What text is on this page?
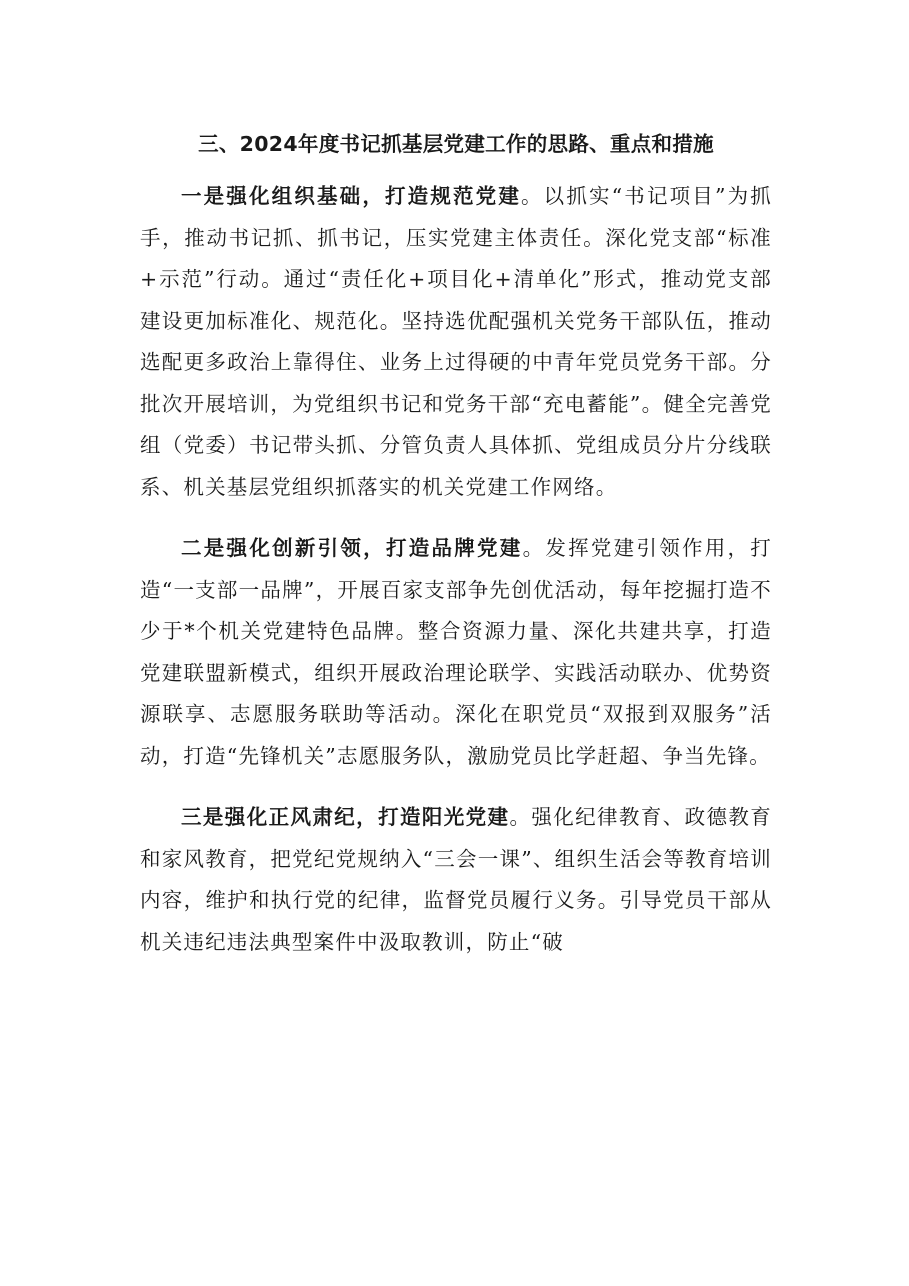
三、2024年度书记抓基层党建工作的思路、重点和措施

一是强化组织基础，打造规范党建。以抓实“书记项目”为抓手，推动书记抓、抓书记，压实党建主体责任。深化党支部“标准+示范”行动。通过“责任化+项目化+清单化”形式，推动党支部建设更加标准化、规范化。坚持选优配强机关党务干部队伍，推动选配更多政治上靠得住、业务上过得硬的中青年党员党务干部。分批次开展培训，为党组织书记和党务干部“充电蓄能”。健全完善党组（党委）书记带头抓、分管负责人具体抓、党组成员分片分线联系、机关基层党组织抓落实的机关党建工作网络。

二是强化创新引领，打造品牌党建。发挥党建引领作用，打造“一支部一品牌”，开展百家支部争先创优活动，每年挖掘打造不少于*个机关党建特色品牌。整合资源力量、深化共建共享，打造党建联盟新模式，组织开展政治理论联学、实践活动联办、优势资源联享、志愿服务联助等活动。深化在职党员“双报到双服务”活动，打造“先锋机关”志愿服务队，激励党员比学赶超、争当先锋。

三是强化正风肃纪，打造阳光党建。强化纪律教育、政德教育和家风教育，把党纪党规纳入“三会一课”、组织生活会等教育培训内容，维护和执行党的纪律，监督党员履行义务。引导党员干部从机关违纪违法典型案件中汲取教训，防止“破
